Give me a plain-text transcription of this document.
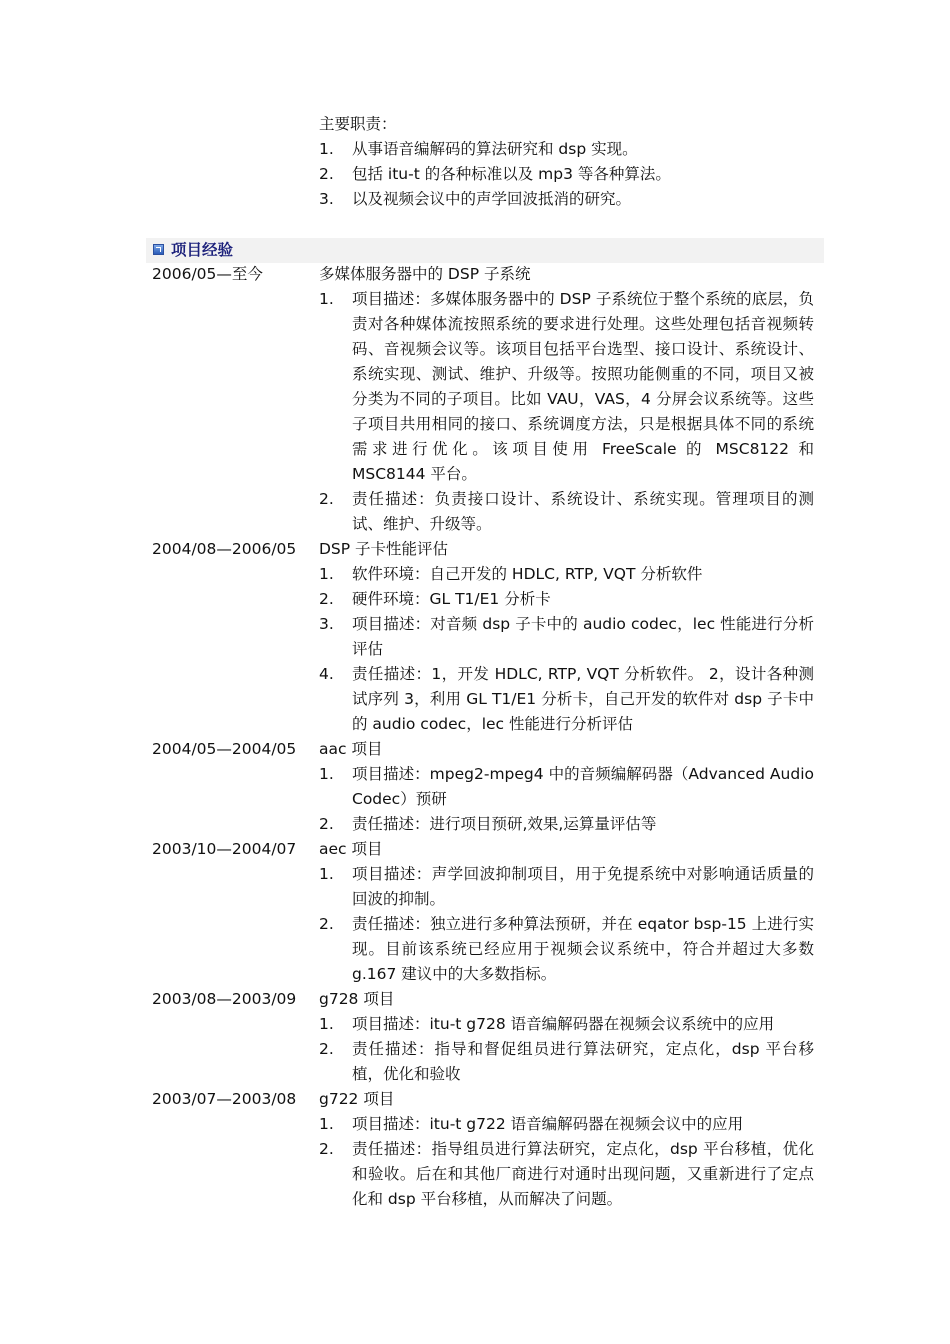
主要职责：
1.	从事语音编解码的算法研究和 dsp 实现。
2.	包括 itu-t 的各种标准以及 mp3 等各种算法。
3.	以及视频会议中的声学回波抵消的研究。
项目经验
2006/05—至今	多媒体服务器中的 DSP 子系统
1.	项目描述：多媒体服务器中的 DSP 子系统位于整个系统的底层，负责对各种媒体流按照系统的要求进行处理。这些处理包括音视频转码、音视频会议等。该项目包括平台选型、接口设计、系统设计、系统实现、测试、维护、升级等。按照功能侧重的不同，项目又被分类为不同的子项目。比如 VAU，VAS，4 分屏会议系统等。这些子项目共用相同的接口、系统调度方法，只是根据具体不同的系统需求进行优化。该项目使用 FreeScale 的 MSC8122 和 MSC8144 平台。
2.	责任描述：负责接口设计、系统设计、系统实现。管理项目的测试、维护、升级等。
2004/08—2006/05	DSP 子卡性能评估
1.	软件环境：自己开发的 HDLC, RTP, VQT 分析软件
2.	硬件环境：GL T1/E1 分析卡
3.	项目描述：对音频 dsp 子卡中的 audio codec，lec 性能进行分析评估
4.	责任描述：1，开发 HDLC, RTP, VQT 分析软件。 2，设计各种测试序列 3，利用 GL T1/E1 分析卡，自己开发的软件对 dsp 子卡中的 audio codec，lec 性能进行分析评估
2004/05—2004/05	aac 项目
1.	项目描述：mpeg2-mpeg4 中的音频编解码器（Advanced Audio Codec）预研
2.	责任描述：进行项目预研,效果,运算量评估等
2003/10—2004/07	aec 项目
1.	项目描述：声学回波抑制项目，用于免提系统中对影响通话质量的回波的抑制。
2.	责任描述：独立进行多种算法预研，并在 eqator bsp-15 上进行实现。目前该系统已经应用于视频会议系统中，符合并超过大多数 g.167 建议中的大多数指标。
2003/08—2003/09	g728 项目
1.	项目描述：itu-t g728 语音编解码器在视频会议系统中的应用
2.	责任描述：指导和督促组员进行算法研究，定点化，dsp 平台移植，优化和验收
2003/07—2003/08	g722 项目
1.	项目描述：itu-t g722 语音编解码器在视频会议中的应用
2.	责任描述：指导组员进行算法研究，定点化，dsp 平台移植，优化和验收。后在和其他厂商进行对通时出现问题，又重新进行了定点化和 dsp 平台移植，从而解决了问题。
